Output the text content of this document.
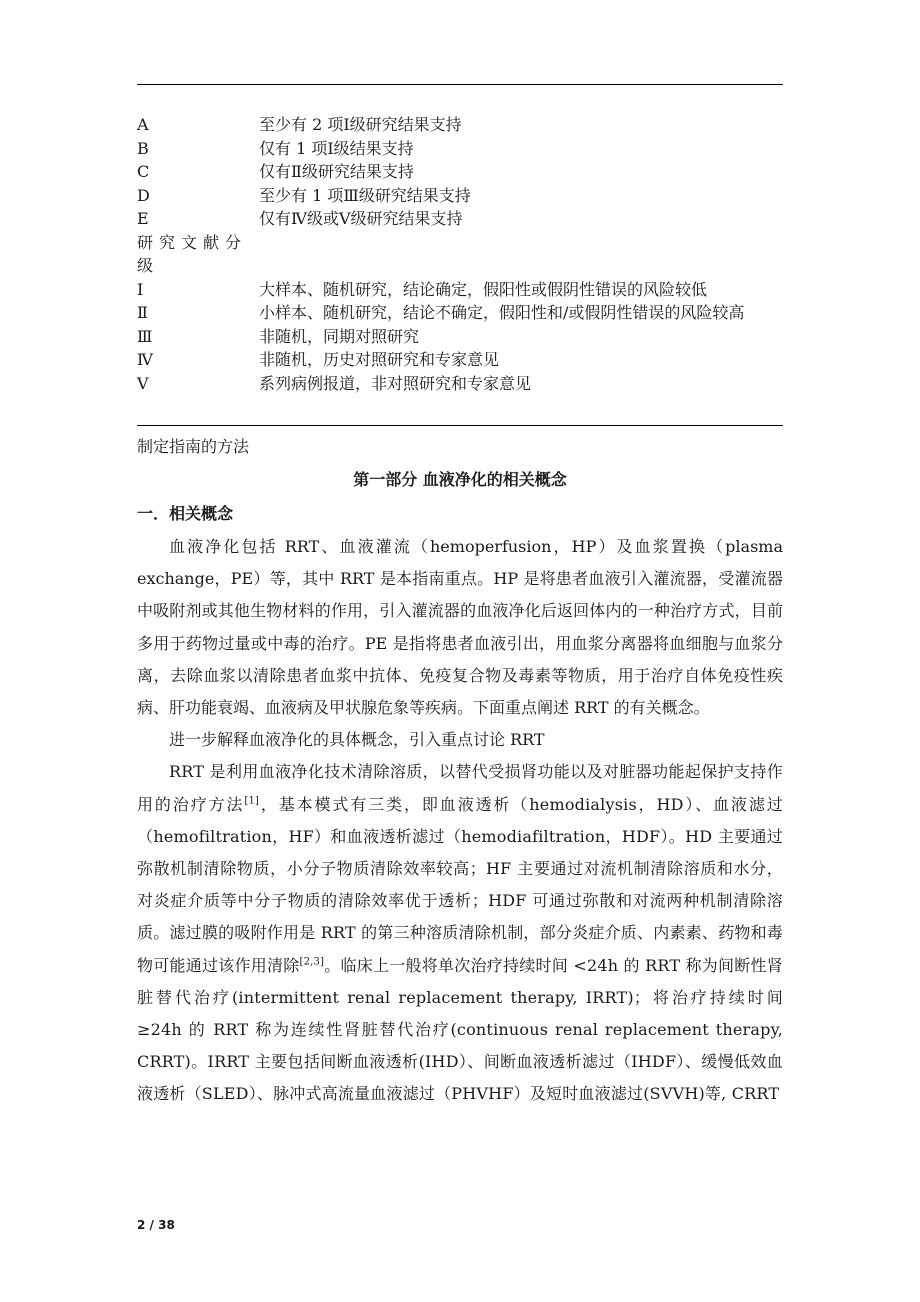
A	至少有 2 项Ⅰ级研究结果支持
B	仅有 1 项Ⅰ级结果支持
C	仅有Ⅱ级研究结果支持
D	至少有 1 项Ⅲ级研究结果支持
E	仅有Ⅳ级或Ⅴ级研究结果支持
研究文献分级
Ⅰ	大样本、随机研究，结论确定，假阳性或假阴性错误的风险较低
Ⅱ	小样本、随机研究，结论不确定，假阳性和/或假阴性错误的风险较高
Ⅲ	非随机，同期对照研究
Ⅳ	非随机，历史对照研究和专家意见
Ⅴ	系列病例报道，非对照研究和专家意见
制定指南的方法
第一部分 血液净化的相关概念
一．相关概念

血液净化包括 RRT、血液灌流（hemoperfusion，HP）及血浆置换（plasma exchange，PE）等，其中 RRT 是本指南重点。HP 是将患者血液引入灌流器，受灌流器中吸附剂或其他生物材料的作用，引入灌流器的血液净化后返回体内的一种治疗方式，目前多用于药物过量或中毒的治疗。PE 是指将患者血液引出，用血浆分离器将血细胞与血浆分离，去除血浆以清除患者血浆中抗体、免疫复合物及毒素等物质，用于治疗自体免疫性疾病、肝功能衰竭、血液病及甲状腺危象等疾病。下面重点阐述 RRT 的有关概念。

进一步解释血液净化的具体概念，引入重点讨论 RRT

RRT 是利用血液净化技术清除溶质，以替代受损肾功能以及对脏器功能起保护支持作用的治疗方法[1]，基本模式有三类，即血液透析（hemodialysis，HD）、血液滤过（hemofiltration，HF）和血液透析滤过（hemodiafiltration，HDF）。HD 主要通过弥散机制清除物质，小分子物质清除效率较高；HF 主要通过对流机制清除溶质和水分，对炎症介质等中分子物质的清除效率优于透析；HDF 可通过弥散和对流两种机制清除溶质。滤过膜的吸附作用是 RRT 的第三种溶质清除机制，部分炎症介质、内素素、药物和毒物可能通过该作用清除[2,3]。临床上一般将单次治疗持续时间 <24h 的 RRT 称为间断性肾脏替代治疗(intermittent renal replacement therapy, IRRT)；将治疗持续时间 ≥24h 的 RRT 称为连续性肾脏替代治疗(continuous renal replacement therapy, CRRT)。IRRT 主要包括间断血液透析(IHD）、间断血液透析滤过（IHDF）、缓慢低效血液透析（SLED）、脉冲式高流量血液滤过（PHVHF）及短时血液滤过(SVVH)等, CRRT

2 / 38
